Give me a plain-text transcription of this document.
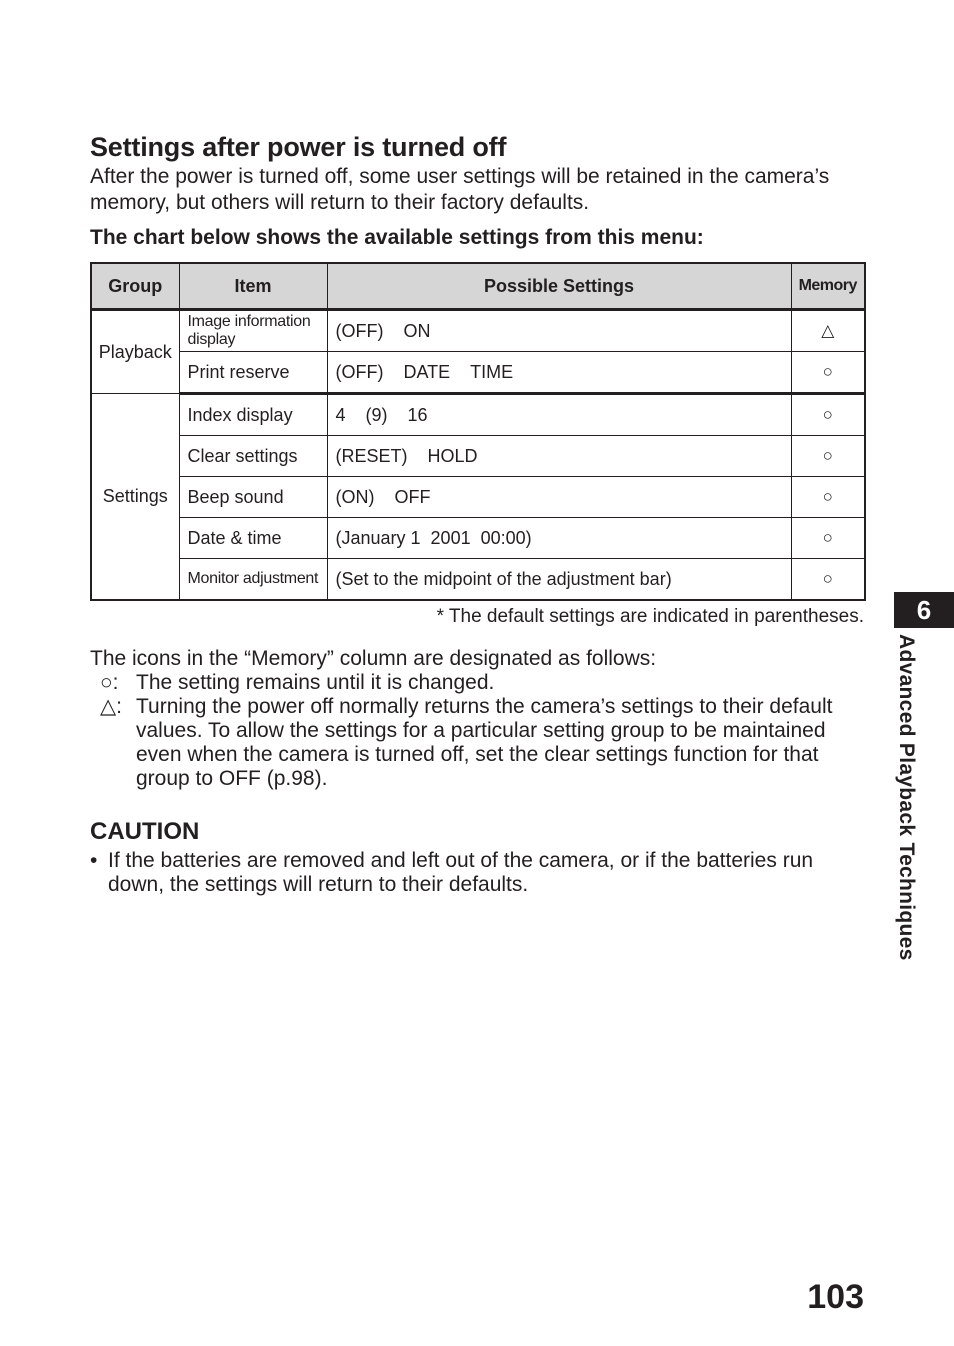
Settings after power is turned off

After the power is turned off, some user settings will be retained in the camera’s memory, but others will return to their factory defaults.

The chart below shows the available settings from this menu:

Group	Item	Possible Settings	Memory
Playback	Image information display	(OFF)    ON	△
	Print reserve	(OFF)    DATE    TIME	○
Settings	Index display	4    (9)    16	○
	Clear settings	(RESET)    HOLD	○
	Beep sound	(ON)    OFF	○
	Date & time	(January 1  2001  00:00)	○
	Monitor adjustment	(Set to the midpoint of the adjustment bar)	○
* The default settings are indicated in parentheses.
The icons in the “Memory” column are designated as follows:
○: The setting remains until it is changed.
△: Turning the power off normally returns the camera’s settings to their default values. To allow the settings for a particular setting group to be maintained even when the camera is turned off, set the clear settings function for that group to OFF (p.98).
CAUTION
• If the batteries are removed and left out of the camera, or if the batteries run down, the settings will return to their defaults.
6
Advanced Playback Techniques
103
